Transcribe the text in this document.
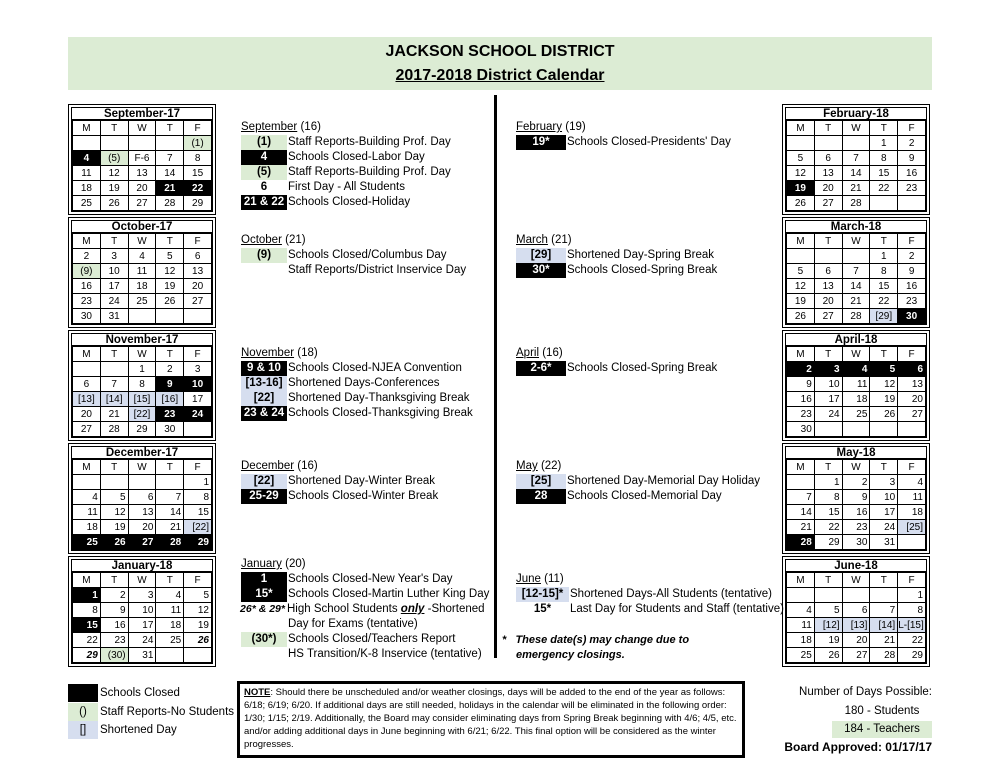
JACKSON SCHOOL DISTRICT
2017-2018 District Calendar
September-17
M	T	W	T	F
				(1)
4	(5)	F-6	7	8
11	12	13	14	15
18	19	20	21	22
25	26	27	28	29
October-17
M	T	W	T	F
2	3	4	5	6
(9)	10	11	12	13
16	17	18	19	20
23	24	25	26	27
30	31			
November-17
M	T	W	T	F
		1	2	3
6	7	8	9	10
[13]	[14]	[15]	[16]	17
20	21	[22]	23	24
27	28	29	30	
December-17
M	T	W	T	F
				1
4	5	6	7	8
11	12	13	14	15
18	19	20	21	[22]
25	26	27	28	29
January-18
M	T	W	T	F
1	2	3	4	5
8	9	10	11	12
15	16	17	18	19
22	23	24	25	26
29	(30)	31		
February-18
M	T	W	T	F
			1	2
5	6	7	8	9
12	13	14	15	16
19	20	21	22	23
26	27	28		
March-18
M	T	W	T	F
			1	2
5	6	7	8	9
12	13	14	15	16
19	20	21	22	23
26	27	28	[29]	30
April-18
M	T	W	T	F
2	3	4	5	6
9	10	11	12	13
16	17	18	19	20
23	24	25	26	27
30				
May-18
M	T	W	T	F
	1	2	3	4
7	8	9	10	11
14	15	16	17	18
21	22	23	24	[25]
28	29	30	31	
June-18
M	T	W	T	F
				1
4	5	6	7	8
11	[12]	[13]	[14]	L-[15]
18	19	20	21	22
25	26	27	28	29
September (16)
(1)	Staff Reports-Building Prof. Day
4	Schools Closed-Labor Day
(5)	Staff Reports-Building Prof. Day
6	First Day - All Students
21 & 22 Schools Closed-Holiday
October (21)
(9)	Schools Closed/Columbus Day
Staff Reports/District Inservice Day
November (18)
9 & 10 Schools Closed-NJEA Convention
[13-16] Shortened Days-Conferences
[22]	Shortened Day-Thanksgiving Break
23 & 24 Schools Closed-Thanksgiving Break
December (16)
[22]	Shortened Day-Winter Break
25-29 Schools Closed-Winter Break
January (20)
1	Schools Closed-New Year's Day
15*	Schools Closed-Martin Luther King Day
26* & 29* High School Students only -Shortened
Day for Exams (tentative)
(30*)	Schools Closed/Teachers Report
HS Transition/K-8 Inservice (tentative)
February (19)
19*	Schools Closed-Presidents' Day
March (21)
[29]	Shortened Day-Spring Break
30*	Schools Closed-Spring Break
April (16)
2-6*	Schools Closed-Spring Break
May (22)
[25]	Shortened Day-Memorial Day Holiday
28	Schools Closed-Memorial Day
June (11)
[12-15]* Shortened Days-All Students (tentative)
15*	Last Day for Students and Staff (tentative)
* These date(s) may change due to
emergency closings.
Schools Closed
()	Staff Reports-No Students
[]	Shortened Day
NOTE: Should there be unscheduled and/or weather closings, days will be added to the end of the year as follows: 6/18; 6/19; 6/20. If additional days are still needed, holidays in the calendar will be eliminated in the following order: 1/30; 1/15; 2/19. Additionally, the Board may consider eliminating days from Spring Break beginning with 4/6; 4/5, etc. and/or adding additional days in June beginning with 6/21; 6/22. This final option will be considered as the winter progresses.
Number of Days Possible:
180 - Students
184 - Teachers
Board Approved: 01/17/17
